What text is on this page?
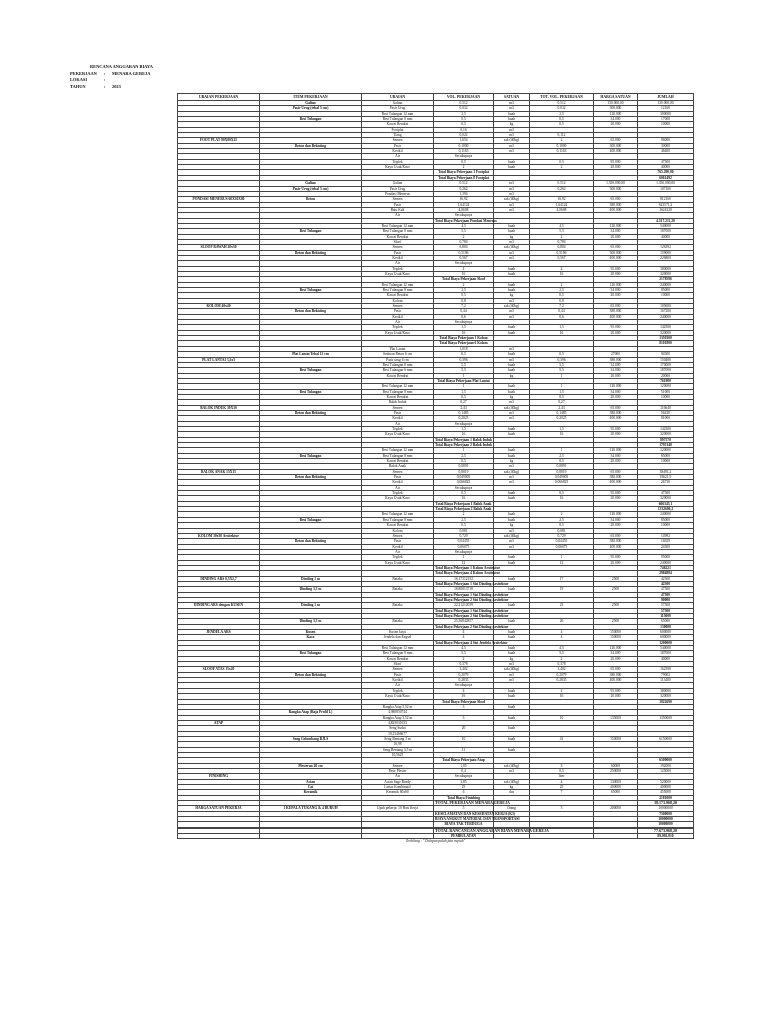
RENCANA ANGGARAN BIAYA
PEKERJAAN : MENARA GEREJA
LOKASI	:
TAHUN	: 2023
URAIAN PEKERJAAN	ITEM PEKERJAAN	URAIAN	VOL. PEKERJAAN	SATUAN	TOT. VOL. PEKERJAAN	HARGA SATUAN	JUMLAH
	Galian	Galian	0.512	m3	0.512	150.000,00	130.000,00
	Pasir Urug (tebal 5 cm)	Pasir Urug	0.032	m3	0.032	300.000	12160
		Besi Tulangan 12 mm	2,5	buah	2,5	120.000	300000
	Besi Tulangan	Besi Tulangan 8 mm	0,5	buah	0,5	34.000	17000
		Kawat Bendrat	0,5	kg	0,5	20.000	10000
		Footplat	0,16	m3			
		Tiang	0,022	m3	0,112		
FOOT PLAT 80X80X25		Semen	1,654	sak (40kg)	2	65.000	96000
	Beton dan Bekisting	Pasir	0,1000	m3	0,1000	300.000	30000
		Kerikil	0,1163	m3	0,1163	400.000	46400
		Air	Secukupnya				
		Triplek	0,5	buah	0,5	95.000	47500
		Kayu Usuk/Kaso	2	buah	2	20.000	40000
			Total Biaya Pekerjaan 1 Footplat				765.290,00
			Total Biaya Pekerjaan 8 Footplat				6061492
	Galian	Galian	0.512	m3	0.512	1.350.000,00	1.350.000,00
	Pasir Urug (tebal 5 cm)	Pasir Urug	0,262	m3	0,262	300.000	107160
		Pondasi Menerus	1,394	m3			
PONDASI MENERUS 60X30X80	Beton	Semen	16,92	sak (40kg)	16,92	65.000	812160
		Pasir	1,64124	m3	1,64124	380.000	623571,2
		Batu Kali	4,0608	m3	4,0608	400.000	1624320
		Air	Secukupnya				
			Total Biaya Pekerjaan Pondasi Menerus				4.517.211,20
		Besi Tulangan 12 mm	4,5	buah	4,5	120.000	540000
	Besi Tulangan	Besi Tulangan 8 mm	5,5	buah	5,5	34.000	187000
		Kawat Bendrat	2	kg	2	20.000	40000
		Sloof	0,784	m3	0,784		
SLOOF BAWAH 20x30		Semen	6,804	sak (40kg)	6,804	65.000	126392
	Beton dan Bekisting	Pasir	0,5196	m3	0,5196	300.000	159000
		Kerikil	0,567	m3	0,567	400.000	226800
		Air	Secukupnya				
		Triplek	4	buah	4	95.000	380000
		Kayu Usuk/Kaso	16	buah	16	20.000	320000
			Total Biaya Pekerjaan Sloof				2178596
		Besi Tulangan 12 mm	2	buah	2	120.000	240000
	Besi Tulangan	Besi Tulangan 8 mm	2,5	buah	2,5	34.000	85000
		Kawat Bendrat	0,5	kg	0,5	20.000	10000
		Kolom	0,8	m3	0,8		
KOLOM 40x40		Semen	7,2	sak (40kg)	7,2	65.000	105600
	Beton dan Bekisting	Pasir	0,44	m3	0,44	380.000	167200
		Kerikil	0,6	m3	0,6	400.000	240000
		Air	Secukupnya				
		Triplek	1,5	buah	1,5	95.000	142500
		Kayu Usuk/Kaso	16	buah	16	20.000	320000
			Total Biaya Pekerjaan 1 Kolom				1350300
			Total Biaya Pekerjaan 6 Kolom				8101800
		Plat Lantai	1,018	m3			
	Plat Lantai Tebal 12 cm	Sedotan Beton 6 cm	0,5	buah	0,5	27000	94500
PLAT LANTAI 3,3x3		Pasir urug 6 cm	0,396	m3	0,396	380.000	150480
		Besi Tulangan 8 mm	5,5	buah	5,5	34.000	170000
	Besi Tulangan	Besi Tulangan 6 mm	5,5	buah	5,5	34.000	187000
		Kawat Bendrat	1	kg	1	20.000	20000
			Total Biaya Pekerjaan Plat Lantai				761980
		Besi Tulangan 12 mm	1	buah	1	120.000	120000
	Besi Tulangan	Besi Tulangan 8 mm	1,5	buah	1,5	34.000	51000
		Kawat Bendrat	0,5	kg	0,5	20.000	10000
		Balok Induk	0,27	m3	0,27		
BALOK INDUK 30X30		Semen	2,43	sak (40kg)	2,43	65.000	116640
	Beton dan Bekisting	Pasir	0,1485	m3	0,1485	380.000	56430
		Kerikil	0,2025	m3	0,2025	400.000	81000
		Air	Secukupnya				
		Triplek	1,5	buah	1,5	95.000	142500
		Kayu Usuk/Kaso	16	buah	16	20.000	320000
			Total Biaya Pekerjaan 1 Balok Induk				897570
			Total Biaya Pekerjaan 2 Balok Induk				1795140
		Besi Tulangan 12 mm	1	buah	1	120.000	120000
	Besi Tulangan	Besi Tulangan 8 mm	2,5	buah	2,5	34.000	85000
		Kawat Bendrat	0,5	kg	0,5	20.000	10000
		Balok Anak	0,0891	m3	0,0891		
BALOK ANAK 15X15		Semen	0,8019	sak (40kg)	0,8019	65.000	38491,2
	Beton dan Bekisting	Pasir	0,049005	m3	0,049005	380.000	18621,9
		Kerikil	0,066825	m3	0,066825	400.000	26730
		Air	Secukupnya				
		Triplek	0,5	buah	0,5	95.000	47500
		Kayu Usuk/Kaso	16	buah	16	20.000	320000
			Total Biaya Pekerjaan 1 Balok Anak				666343,1
			Total Biaya Pekerjaan 2 Balok Anak				1332686,2
		Besi Tulangan 12 mm	2	buah	2	120.000	240000
	Besi Tulangan	Besi Tulangan 8 mm	2,5	buah	2,5	34.000	85000
		Kawat Bendrat	0,5	kg	0,5	20.000	10000
		Kolom	0,081	m3	0,081		
KOLOM 30x30 Arsitektur		Semen	0,729	sak (40kg)	0,729	65.000	14992
	Beton dan Bekisting	Pasir	0,04455	m3	0,04455	380.000	16929
		Kerikil	0,06075	m3	0,06075	400.000	24300
		Air	Secukupnya				
		Triplek	1	buah	1	95.000	95000
		Kayu Usuk/Kaso	12	buah	12	20.000	240000
			Total Biaya Pekerjaan 1 Kolom Arsitektur				746221
			Total Biaya Pekerjaan 4 Kolom Arsitektur				2984884
DINDING ARS 0,5X2,7	Dinding 1 m	Batako	16,17312152	buah	17	2500	42500
			Total Biaya Pekerjaan 1 Sisi Dinding Arsitektur				42500
	Dinding 3,5 m	Batako	18,80813718	buah	19	2500	47500
			Total Biaya Pekerjaan 1 Sisi Dinding Arsitektur				47500
			Total Biaya Pekerjaan 2 Sisi Dinding Arsitektur				90000
DINDING ARS dengan KUSEN	Dinding 1 m	Batako	22,21212039	buah	23	2500	57500
			Total Biaya Pekerjaan 1 Sisi Dinding Arsitektur				57500
			Total Biaya Pekerjaan 2 Sisi Dinding Arsitektur				115000
	Dinding 3,5 m	Batako	25,36842857	buah	26	2500	65000
			Total Biaya Pekerjaan 2 Sisi Dinding Arsitektur				130000
JENDELA ARS	Kusen	Kusen kayu	4	buah	4	150000	600000
	Kaca	Jendela dan Engsel	4	buah	4	150000	600000
			Total Biaya Pekerjaan 4 Sisi Jendela Arsitektur				1200000
		Besi Tulangan 12 mm	4,5	buah	4,5	120.000	540000
	Besi Tulangan	Besi Tulangan 8 mm	5,5	buah	5,5	34.000	187000
		Kawat Bendrat	2	kg	2	20.000	40000
		Sloof	0,378	m3	0,378		
SLOOF ATAS 15x20		Semen	3,402	sak (40kg)	3,402	65.000	162390
	Beton dan Bekisting	Pasir	0,2079	m3	0,2079	380.000	79002
		Kerikil	0,2835	m3	0,2835	400.000	113400
		Air	Secukupnya				
		Triplek	4	buah	4	95.000	380000
		Kayu Usuk/Kaso	16	buah	16	20.000	320000
			Total Biaya Pekerjaan Sloof				1822690
		Rangka Atap 3,52 m	3	buah			
	Rangka Atap (Baja Profil L)	4,980850744					
		Rangka Atap 3,52 m	3	buah	10	135000	1350000
ATAP		4,825031653					
		Seng Sudut	20	buah			
		19,25466677					
	Seng Gelombang BJLS	Seng Bentang 3 m	10	buah	41	150000	6150000
		10,98					
		Seng Bentang 3,5 m	11	buah			
		10,5625					
			Total Biaya Pekerjaan Atap				6500000
	Plesteran 20 cm	Semen	1,85	sak (40kg)	3	60000	192000
		Pasir Plester	0,4	m3	0,5	250000	125000
FINISHING		Air	Secukupnya		liter		
	Acian	Acian Sage Ready	3,85	sak (40kg)	4	130000	520000
	Cat	Lintas Kombinatif	25	kg	25	400000	400000
	Keramik	Keramik 60x60	6	dus	7	65000	455000
			Total Biaya Finishing				2181000
			TOTAL PEKERJAAN MENARA GEREJA				38.173.968,20
HARGA SATUAN PEKERJA	1 KEPALA TUKANG & 4 BURUH	Upah pekerja: 10 Hari Kerja	5	Orang	5	200000	10000000
			KESELAMATAN DAN KESEHATAN KERJA (K3)				7500000
			BIAYA ANGKUT MATERIAL DAN TRANSPORTASI				10000000
			BIAYA TAK TERDUGA				10000000

			TOTAL RANCANGAN ANGGARAN BIAYA MENARA GEREJA				77.673.968,20
			PEMBULATAN				89.092.810
Terbilang : " Delapan puluh juta rupiah"							
